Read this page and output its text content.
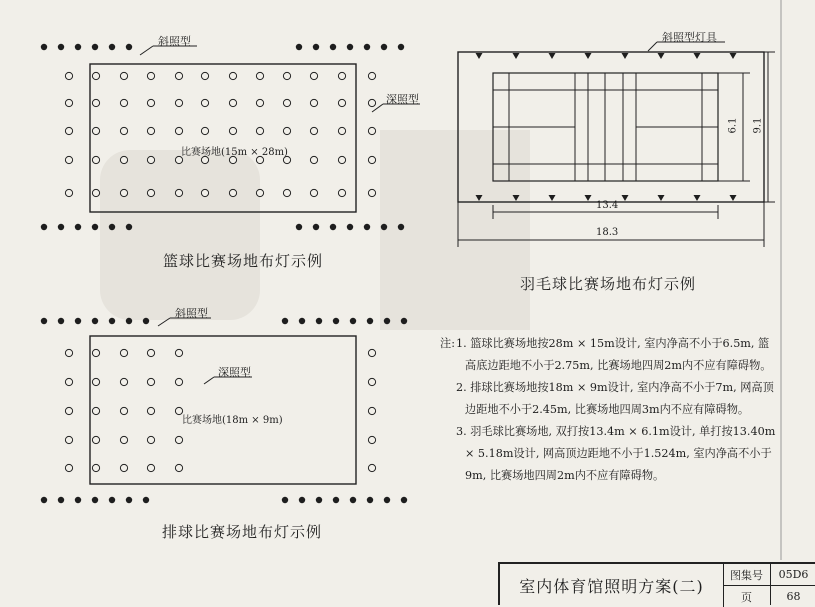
斜照型
深照型
比赛场地(15m × 28m)
篮球比赛场地布灯示例
斜照型
深照型
比赛场地(18m × 9m)
排球比赛场地布灯示例
斜照型灯具
6.1 9.1
13.4
18.3
羽毛球比赛场地布灯示例
注: 1. 篮球比赛场地按28m × 15m设计, 室内净高不小于6.5m, 篮高底边距地不小于2.75m, 比赛场地四周2m内不应有障碍物。
2. 排球比赛场地按18m × 9m设计, 室内净高不小于7m, 网高顶边距地不小于2.45m, 比赛场地四周3m内不应有障碍物。
3. 羽毛球比赛场地, 双打按13.4m × 6.1m设计, 单打按13.40m × 5.18m设计, 网高顶边距地不小于1.524m, 室内净高不小于9m, 比赛场地四周2m内不应有障碍物。
室内体育馆照明方案(二)
图集号	05D6
页	68
